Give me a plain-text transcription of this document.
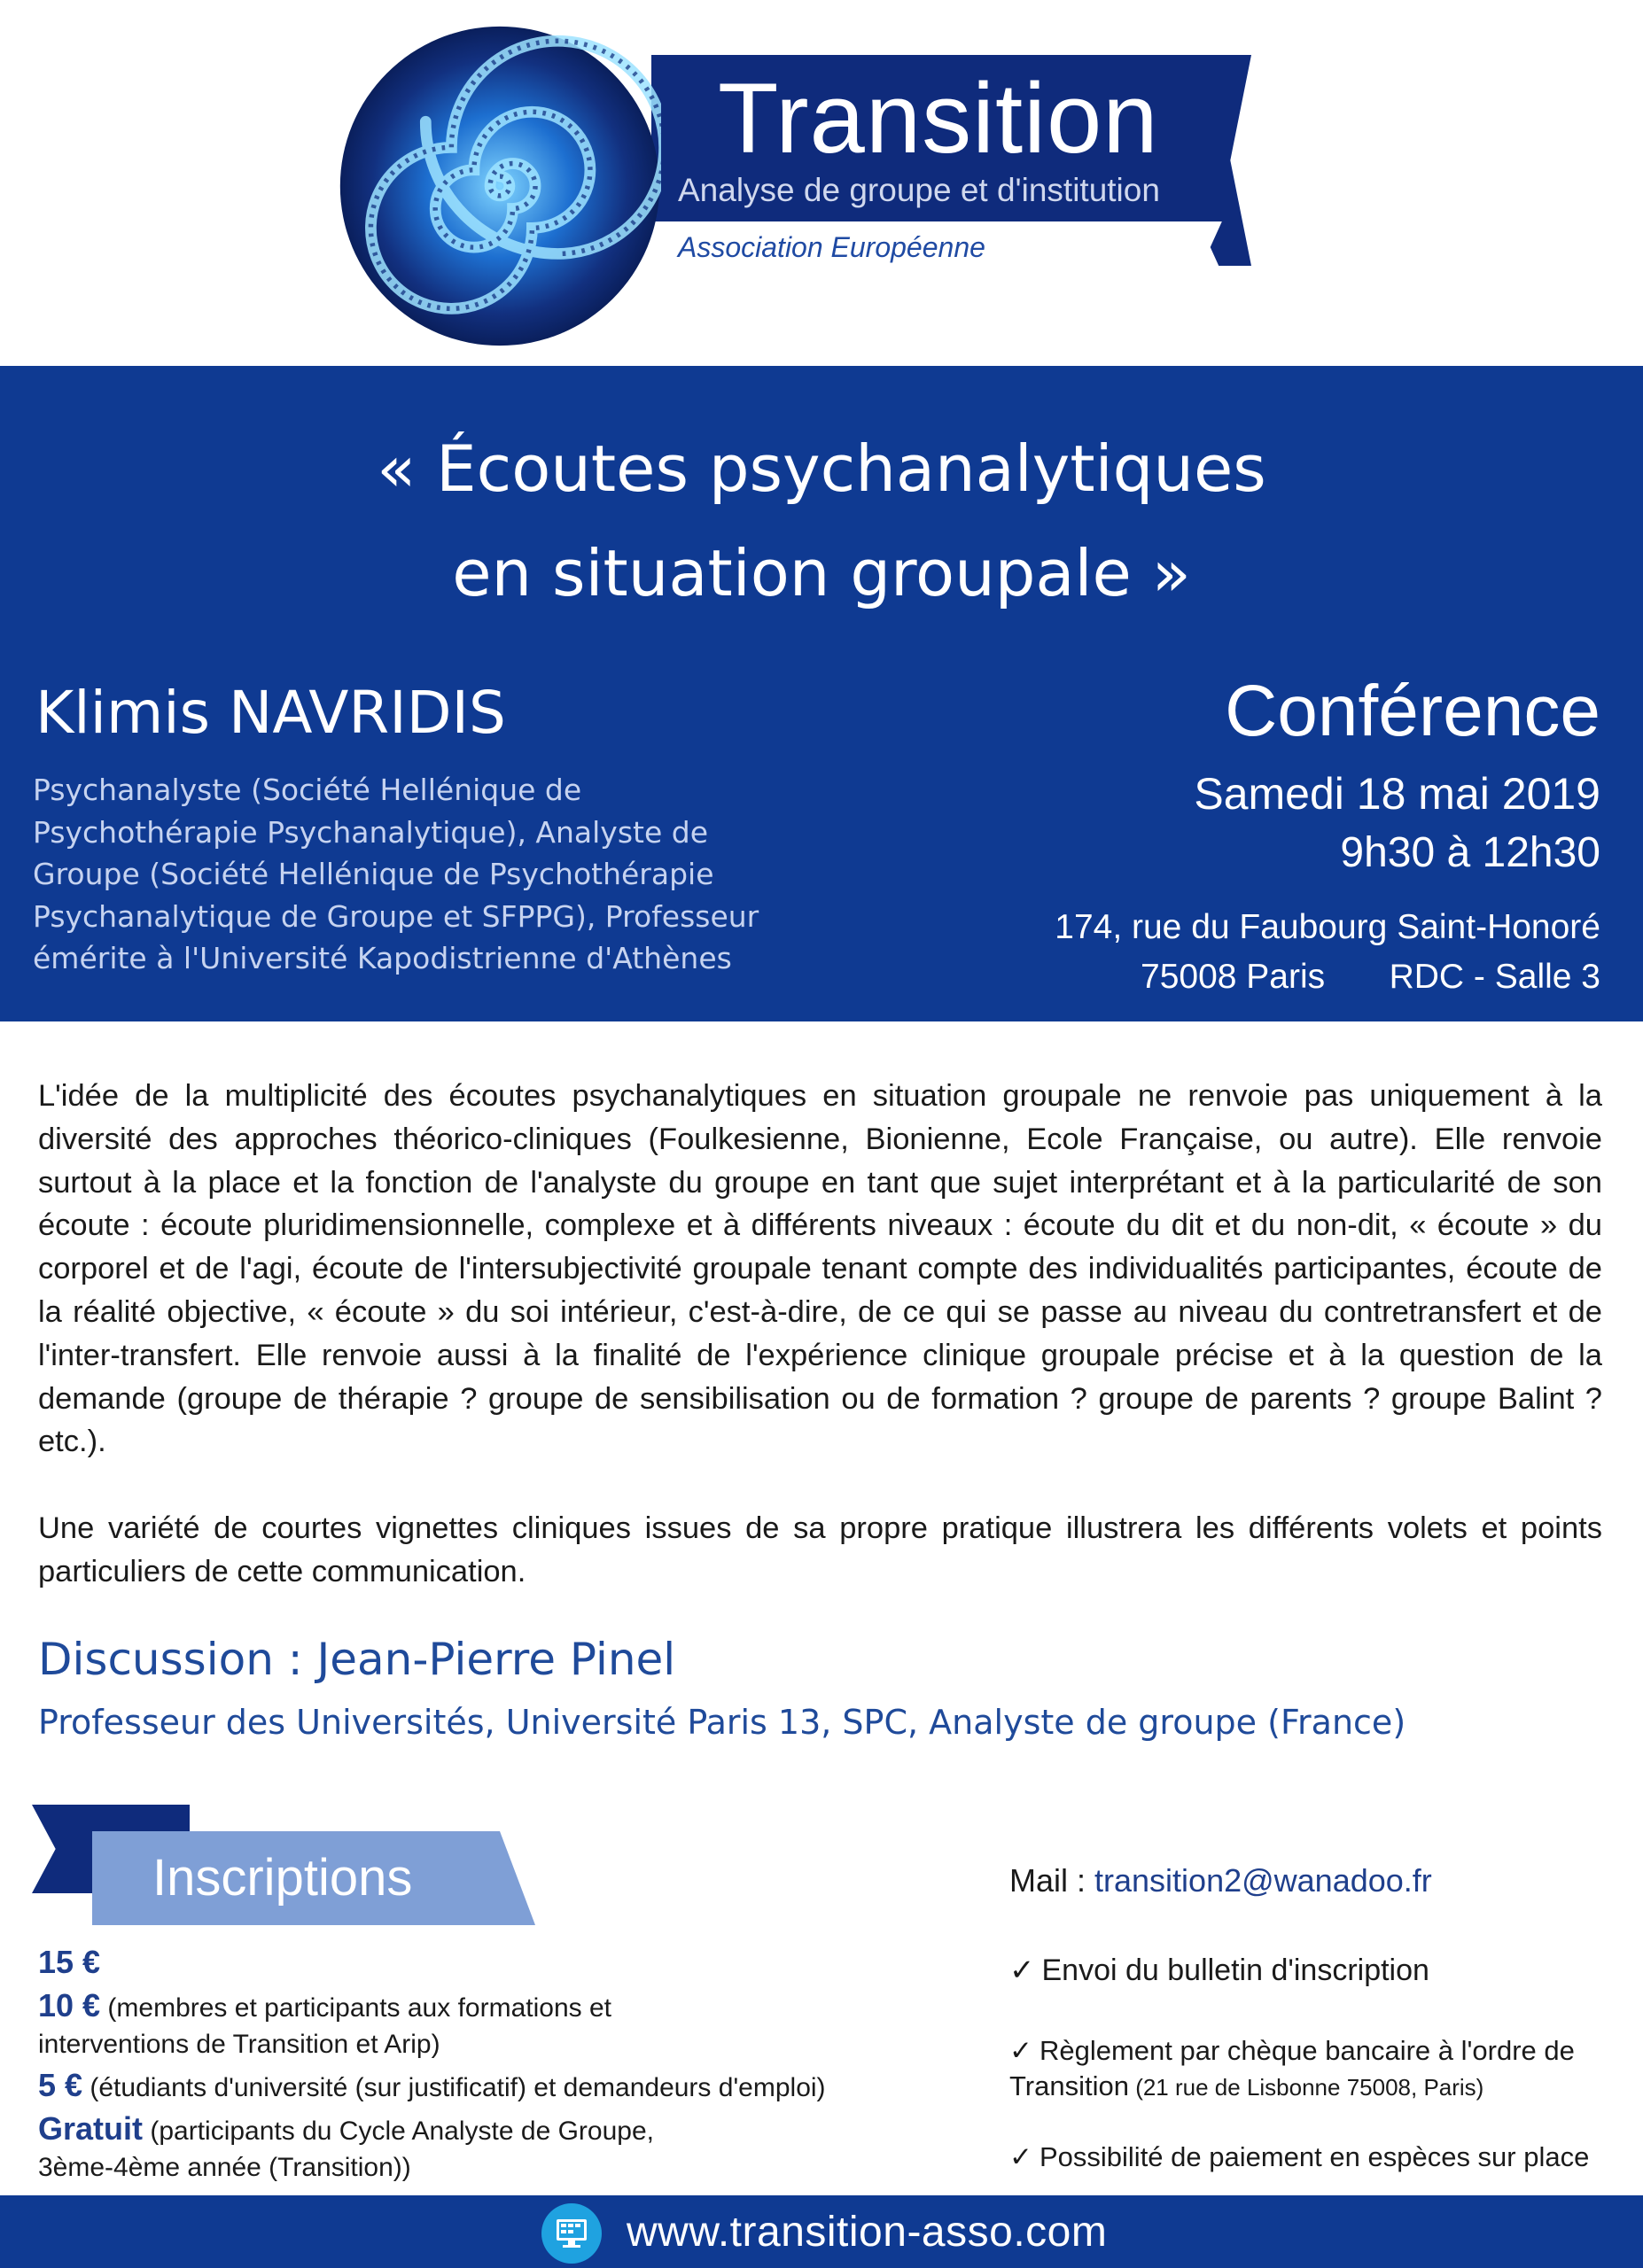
Transition
Analyse de groupe et d'institution
Association Européenne
« Écoutes psychanalytiques
en situation groupale »
Klimis NAVRIDIS
Psychanalyste (Société Hellénique de
Psychothérapie Psychanalytique), Analyste de
Groupe (Société Hellénique de Psychothérapie
Psychanalytique de Groupe et SFPPG), Professeur
émérite à l'Université Kapodistrienne d'Athènes
Conférence
Samedi 18 mai 2019
9h30 à 12h30
174, rue du Faubourg Saint-Honoré
75008 Paris RDC - Salle 3

L'idée de la multiplicité des écoutes psychanalytiques en situation groupale ne renvoie pas uniquement à la diversité des approches théorico-cliniques (Foulkesienne, Bionienne, Ecole Française, ou autre). Elle renvoie surtout à la place et la fonction de l'analyste du groupe en tant que sujet interprétant et à la particularité de son écoute : écoute pluridimensionnelle, complexe et à différents niveaux : écoute du dit et du non-dit, « écoute » du corporel et de l'agi, écoute de l'intersubjectivité groupale tenant compte des individualités participantes, écoute de la réalité objective, « écoute » du soi intérieur, c'est-à-dire, de ce qui se passe au niveau du contretransfert et de l'inter-transfert. Elle renvoie aussi à la finalité de l'expérience clinique groupale précise et à la question de la demande (groupe de thérapie ? groupe de sensibilisation ou de formation ? groupe de parents ? groupe Balint ? etc.).

Une variété de courtes vignettes cliniques issues de sa propre pratique illustrera les différents volets et points particuliers de cette communication.

Discussion : Jean-Pierre Pinel
Professeur des Universités, Université Paris 13, SPC, Analyste de groupe (France)
Inscriptions
15 €
10 € (membres et participants aux formations et
interventions de Transition et Arip)
5 € (étudiants d'université (sur justificatif) et demandeurs d'emploi)
Gratuit (participants du Cycle Analyste de Groupe,
3ème-4ème année (Transition))
Mail : transition2@wanadoo.fr
✓ Envoi du bulletin d'inscription
✓ Règlement par chèque bancaire à l'ordre de
Transition (21 rue de Lisbonne 75008, Paris)
✓ Possibilité de paiement en espèces sur place
www.transition-asso.com
